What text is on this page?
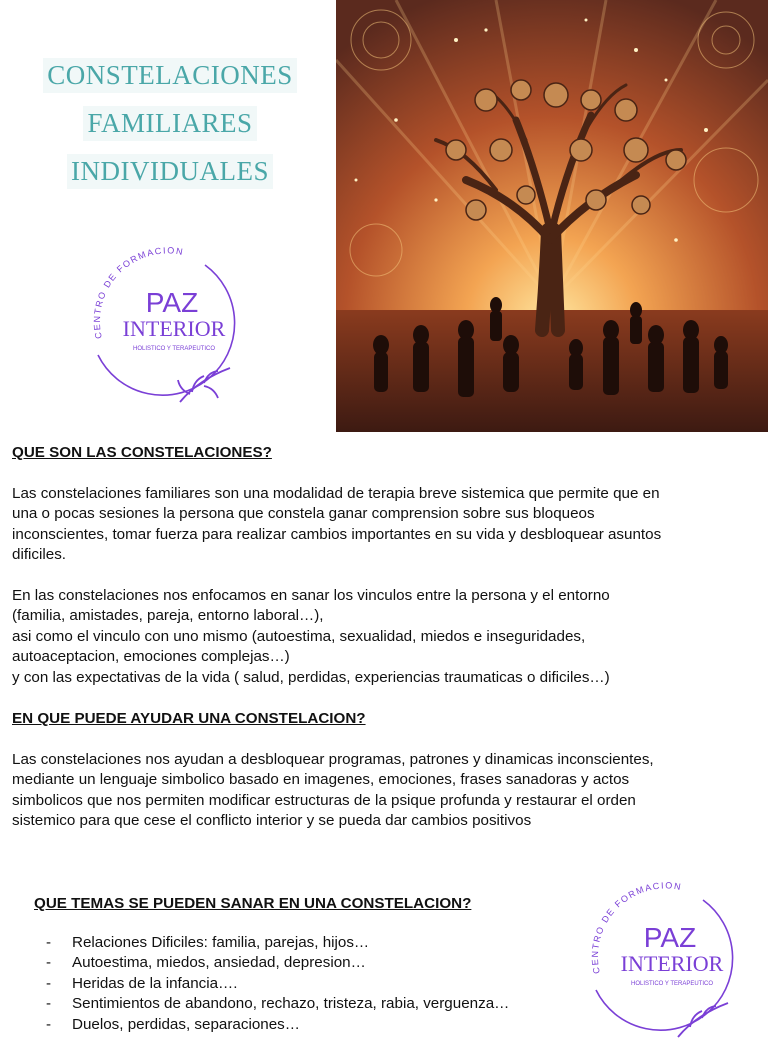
CONSTELACIONES
FAMILIARES
INDIVIDUALES
CENTRO DE FORMACION
PAZ
INTERIOR
HOLISTICO Y TERAPEUTICO
QUE SON LAS CONSTELACIONES?
Las constelaciones familiares son una modalidad de terapia breve sistemica que permite que en
una o pocas sesiones la persona que constela ganar comprension sobre sus bloqueos
inconscientes, tomar fuerza para realizar cambios importantes en su vida y desbloquear asuntos
dificiles.
En las constelaciones nos enfocamos en sanar los vinculos entre la persona y el entorno
(familia, amistades, pareja, entorno laboral…),
asi como el vinculo con uno mismo (autoestima, sexualidad, miedos e inseguridades,
autoaceptacion, emociones complejas…)
y con las expectativas de la vida ( salud, perdidas, experiencias traumaticas o dificiles…)
EN QUE PUEDE AYUDAR UNA CONSTELACION?
Las constelaciones nos ayudan a desbloquear programas, patrones y dinamicas inconscientes,
mediante un lenguaje simbolico basado en imagenes, emociones, frases sanadoras y actos
simbolicos que nos permiten modificar estructuras de la psique profunda y restaurar el orden
sistemico para que cese el conflicto interior y se pueda dar cambios positivos
QUE TEMAS SE PUEDEN SANAR EN UNA CONSTELACION?
-	Relaciones Dificiles: familia, parejas, hijos…
-	Autoestima, miedos, ansiedad, depresion…
-	Heridas de la infancia….
-	Sentimientos de abandono, rechazo, tristeza, rabia, verguenza…
-	Duelos, perdidas, separaciones…
CENTRO DE FORMACION
PAZ
INTERIOR
HOLISTICO Y TERAPEUTICO
